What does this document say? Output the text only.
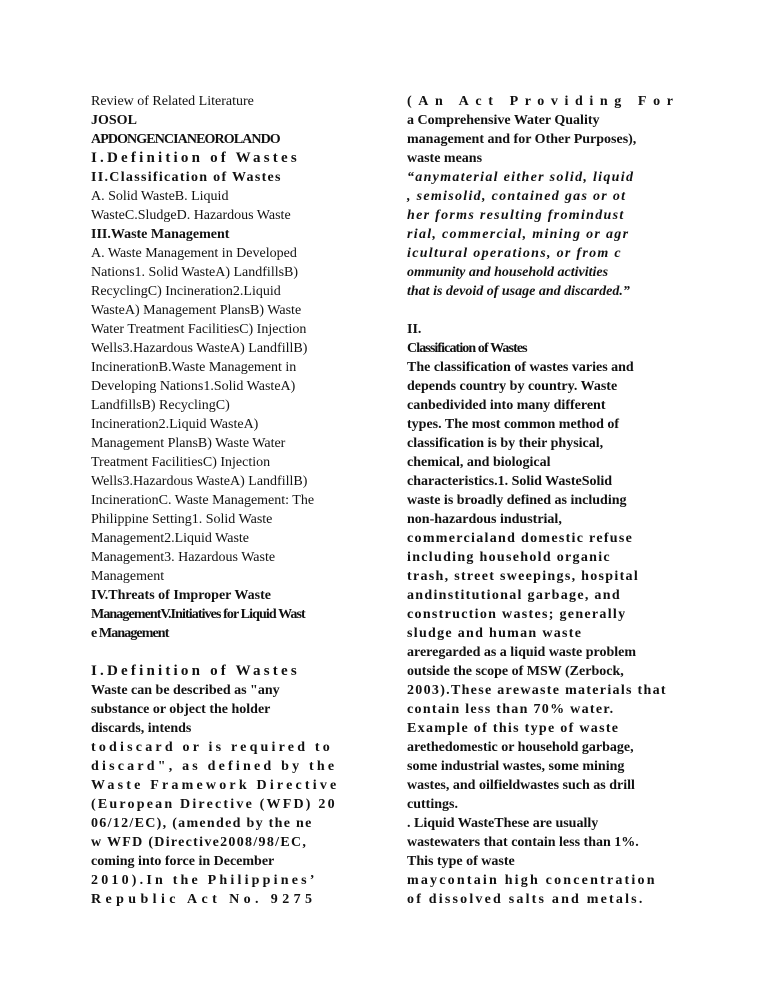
Review of Related Literature
JOSOL
APDONGENCIANEOROLANDO
I.Definition of Wastes
II.Classification of Wastes
A. Solid WasteB. Liquid
WasteC.SludgeD. Hazardous Waste
III.Waste Management
A. Waste Management in Developed
Nations1. Solid WasteA) LandfillsB)
RecyclingC) Incineration2.Liquid
WasteA) Management PlansB) Waste
Water Treatment FacilitiesC) Injection
Wells3.Hazardous WasteA) LandfillB)
IncinerationB.Waste Management in
Developing Nations1.Solid WasteA)
LandfillsB) RecyclingC)
Incineration2.Liquid WasteA)
Management PlansB) Waste Water
Treatment FacilitiesC) Injection
Wells3.Hazardous WasteA) LandfillB)
IncinerationC. Waste Management: The
Philippine Setting1. Solid Waste
Management2.Liquid Waste
Management3. Hazardous Waste
Management
IV.Threats of Improper Waste
ManagementV.Initiatives for Liquid Wast
e Management
I.Definition of Wastes
Waste can be described as "any
substance or object the holder
discards, intends
todiscard or is required to
discard", as defined by the
Waste Framework Directive
(European Directive (WFD) 20
06/12/EC), (amended by the ne
w WFD (Directive2008/98/EC,
coming into force in December
2010).In the Philippines’
Republic Act No. 9275
(An Act Providing For
a Comprehensive Water Quality
management and for Other Purposes),
waste means
“anymaterial either solid, liquid
, semisolid, contained gas or ot
her forms resulting fromindust
rial, commercial, mining or agr
icultural operations, or from c
ommunity and household activities
that is devoid of usage and discarded.”
II.
Classification of Wastes
The classification of wastes varies and
depends country by country. Waste
canbedivided into many different
types. The most common method of
classification is by their physical,
chemical, and biological
characteristics.1. Solid WasteSolid
waste is broadly defined as including
non-hazardous industrial,
commercialand domestic refuse
including household organic
trash, street sweepings, hospital
andinstitutional garbage, and
construction wastes; generally
sludge and human waste
areregarded as a liquid waste problem
outside the scope of MSW (Zerbock,
2003).These arewaste materials that
contain less than 70% water.
Example of this type of waste
arethedomestic or household garbage,
some industrial wastes, some mining
wastes, and oilfieldwastes such as drill
cuttings.
. Liquid WasteThese are usually
wastewaters that contain less than 1%.
This type of waste
maycontain high concentration
of dissolved salts and metals.
